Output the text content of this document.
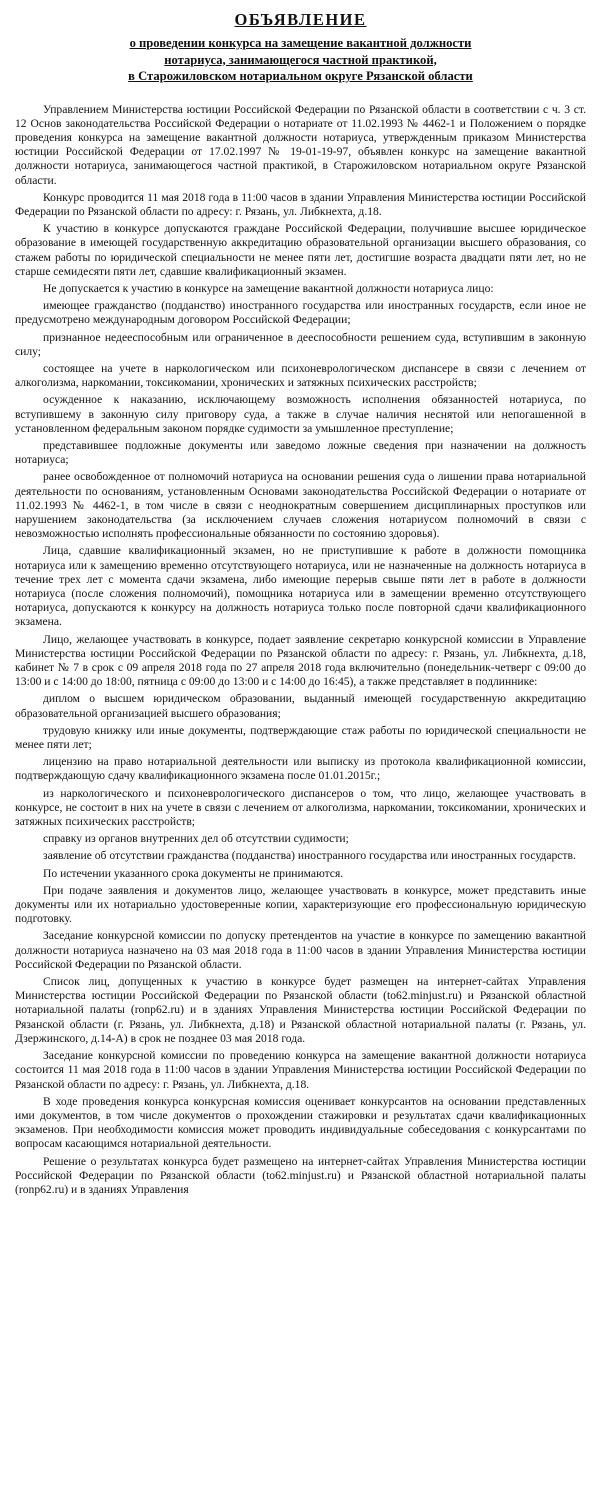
ОБЪЯВЛЕНИЕ
о проведении конкурса на замещение вакантной должности
нотариуса, занимающегося частной практикой,
в Старожиловском нотариальном округе Рязанской области

Управлением Министерства юстиции Российской Федерации по Рязанской области в соответствии с ч. 3 ст. 12 Основ законодательства Российской Федерации о нотариате от 11.02.1993 № 4462-1 и Положением о порядке проведения конкурса на замещение вакантной должности нотариуса, утвержденным приказом Министерства юстиции Российской Федерации от 17.02.1997 № 19-01-19-97, объявлен конкурс на замещение вакантной должности нотариуса, занимающегося частной практикой, в Старожиловском нотариальном округе Рязанской области.

Конкурс проводится 11 мая 2018 года в 11:00 часов в здании Управления Министерства юстиции Российской Федерации по Рязанской области по адресу: г. Рязань, ул. Либкнехта, д.18.

К участию в конкурсе допускаются граждане Российской Федерации, получившие высшее юридическое образование в имеющей государственную аккредитацию образовательной организации высшего образования, со стажем работы по юридической специальности не менее пяти лет, достигшие возраста двадцати пяти лет, но не старше семидесяти пяти лет, сдавшие квалификационный экзамен.

Не допускается к участию в конкурсе на замещение вакантной должности нотариуса лицо:

имеющее гражданство (подданство) иностранного государства или иностранных государств, если иное не предусмотрено международным договором Российской Федерации;

признанное недееспособным или ограниченное в дееспособности решением суда, вступившим в законную силу;

состоящее на учете в наркологическом или психоневрологическом диспансере в связи с лечением от алкоголизма, наркомании, токсикомании, хронических и затяжных психических расстройств;

осужденное к наказанию, исключающему возможность исполнения обязанностей нотариуса, по вступившему в законную силу приговору суда, а также в случае наличия неснятой или непогашенной в установленном федеральным законом порядке судимости за умышленное преступление;

представившее подложные документы или заведомо ложные сведения при назначении на должность нотариуса;

ранее освобожденное от полномочий нотариуса на основании решения суда о лишении права нотариальной деятельности по основаниям, установленным Основами законодательства Российской Федерации о нотариате от 11.02.1993 № 4462-1, в том числе в связи с неоднократным совершением дисциплинарных проступков или нарушением законодательства (за исключением случаев сложения нотариусом полномочий в связи с невозможностью исполнять профессиональные обязанности по состоянию здоровья).

Лица, сдавшие квалификационный экзамен, но не приступившие к работе в должности помощника нотариуса или к замещению временно отсутствующего нотариуса, или не назначенные на должность нотариуса в течение трех лет с момента сдачи экзамена, либо имеющие перерыв свыше пяти лет в работе в должности нотариуса (после сложения полномочий), помощника нотариуса или в замещении временно отсутствующего нотариуса, допускаются к конкурсу на должность нотариуса только после повторной сдачи квалификационного экзамена.

Лицо, желающее участвовать в конкурсе, подает заявление секретарю конкурсной комиссии в Управление Министерства юстиции Российской Федерации по Рязанской области по адресу: г. Рязань, ул. Либкнехта, д.18, кабинет № 7 в срок с 09 апреля 2018 года по 27 апреля 2018 года включительно (понедельник-четверг с 09:00 до 13:00 и с 14:00 до 18:00, пятница с 09:00 до 13:00 и с 14:00 до 16:45), а также представляет в подлиннике:

диплом о высшем юридическом образовании, выданный имеющей государственную аккредитацию образовательной организацией высшего образования;

трудовую книжку или иные документы, подтверждающие стаж работы по юридической специальности не менее пяти лет;

лицензию на право нотариальной деятельности или выписку из протокола квалификационной комиссии, подтверждающую сдачу квалификационного экзамена после 01.01.2015г.;

из наркологического и психоневрологического диспансеров о том, что лицо, желающее участвовать в конкурсе, не состоит в них на учете в связи с лечением от алкоголизма, наркомании, токсикомании, хронических и затяжных психических расстройств;

справку из органов внутренних дел об отсутствии судимости;

заявление об отсутствии гражданства (подданства) иностранного государства или иностранных государств.

По истечении указанного срока документы не принимаются.

При подаче заявления и документов лицо, желающее участвовать в конкурсе, может представить иные документы или их нотариально удостоверенные копии, характеризующие его профессиональную юридическую подготовку.

Заседание конкурсной комиссии по допуску претендентов на участие в конкурсе по замещению вакантной должности нотариуса назначено на 03 мая 2018 года в 11:00 часов в здании Управления Министерства юстиции Российской Федерации по Рязанской области.

Список лиц, допущенных к участию в конкурсе будет размещен на интернет-сайтах Управления Министерства юстиции Российской Федерации по Рязанской области (to62.minjust.ru) и Рязанской областной нотариальной палаты (ronp62.ru) и в зданиях Управления Министерства юстиции Российской Федерации по Рязанской области (г. Рязань, ул. Либкнехта, д.18) и Рязанской областной нотариальной палаты (г. Рязань, ул. Дзержинского, д.14-А) в срок не позднее 03 мая 2018 года.

Заседание конкурсной комиссии по проведению конкурса на замещение вакантной должности нотариуса состоится 11 мая 2018 года в 11:00 часов в здании Управления Министерства юстиции Российской Федерации по Рязанской области по адресу: г. Рязань, ул. Либкнехта, д.18.

В ходе проведения конкурса конкурсная комиссия оценивает конкурсантов на основании представленных ими документов, в том числе документов о прохождении стажировки и результатах сдачи квалификационных экзаменов. При необходимости комиссия может проводить индивидуальные собеседования с конкурсантами по вопросам касающимся нотариальной деятельности.

Решение о результатах конкурса будет размещено на интернет-сайтах Управления Министерства юстиции Российской Федерации по Рязанской области (to62.minjust.ru) и Рязанской областной нотариальной палаты (ronp62.ru) и в зданиях Управления
